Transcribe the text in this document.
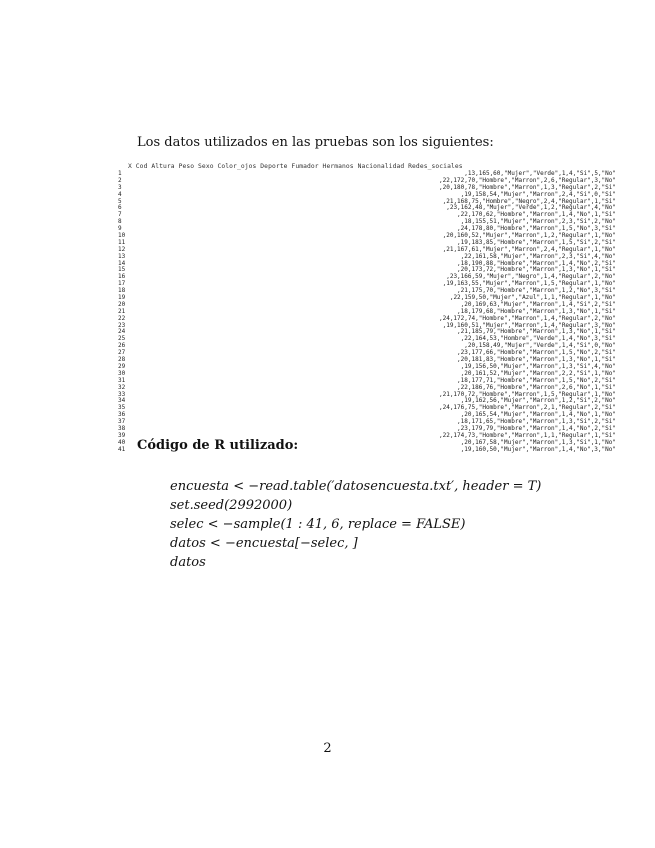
Los datos utilizados en las pruebas son los siguientes:
X Cod Altura Peso Sexo Color_ojos Deporte Fumador Hermanos Nacionalidad Redes_sociales
1
2
3
4
5
6
7
8
9
10
11
12
13
14
15
16
17
18
19
20
21
22
23
24
25
26
27
28
29
30
31
32
33
34
35
36
37
38
39
40
41
,13,165,60,"Mujer","Verde",1,4,"Si",5,"No"
,22,172,70,"Hombre","Marron",2,6,"Regular",3,"No"
,20,180,78,"Hombre","Marron",1,3,"Regular",2,"Si"
,19,158,54,"Mujer","Marron",2,4,"Si",0,"Si"
,21,168,75,"Hombre","Negro",2,4,"Regular",1,"Si"
,23,162,48,"Mujer","Verde",1,2,"Regular",4,"No"
,22,170,62,"Hombre","Marron",1,4,"No",1,"Si"
,18,155,51,"Mujer","Marron",2,3,"Si",2,"No"
,24,178,80,"Hombre","Marron",1,5,"No",3,"Si"
,20,160,52,"Mujer","Marron",1,2,"Regular",1,"No"
,19,183,85,"Hombre","Marron",1,5,"Si",2,"Si"
,21,167,61,"Mujer","Marron",2,4,"Regular",1,"No"
,22,161,58,"Mujer","Marron",2,3,"Si",4,"No"
,18,190,88,"Hombre","Marron",1,4,"No",2,"Si"
,20,173,72,"Hombre","Marron",1,3,"No",1,"Si"
,23,166,59,"Mujer","Negro",1,4,"Regular",2,"No"
,19,163,55,"Mujer","Marron",1,5,"Regular",1,"No"
,21,175,70,"Hombre","Marron",1,2,"No",3,"Si"
,22,159,50,"Mujer","Azul",1,1,"Regular",1,"No"
,20,169,63,"Mujer","Marron",1,4,"Si",2,"Si"
,18,179,68,"Hombre","Marron",1,3,"No",1,"Si"
,24,172,74,"Hombre","Marron",1,4,"Regular",2,"No"
,19,160,51,"Mujer","Marron",1,4,"Regular",3,"No"
,21,185,79,"Hombre","Marron",1,3,"No",1,"Si"
,22,164,53,"Hombre","Verde",1,4,"No",3,"Si"
,20,158,49,"Mujer","Verde",1,4,"Si",0,"No"
,23,177,66,"Hombre","Marron",1,5,"No",2,"Si"
,20,181,83,"Hombre","Marron",1,3,"No",1,"Si"
,19,156,50,"Mujer","Marron",1,3,"Si",4,"No"
,20,161,52,"Mujer","Marron",2,2,"Si",1,"No"
,18,177,71,"Hombre","Marron",1,5,"No",2,"Si"
,22,186,76,"Hombre","Marron",2,6,"No",1,"Si"
,21,170,72,"Hombre","Marron",1,5,"Regular",1,"No"
,19,162,56,"Mujer","Marron",1,2,"Si",2,"No"
,24,176,75,"Hombre","Marron",2,1,"Regular",2,"Si"
,20,165,54,"Mujer","Marron",1,4,"No",1,"No"
,18,171,65,"Hombre","Marron",1,3,"Si",2,"Si"
,23,179,79,"Hombre","Marron",1,4,"No",2,"Si"
,22,174,73,"Hombre","Marron",1,1,"Regular",1,"Si"
,20,167,58,"Mujer","Marron",1,3,"Si",1,"No"
,19,160,50,"Mujer","Marron",1,4,"No",3,"No"
Código de R utilizado:
encuesta < −read.table(′datosencuesta.txt′, header = T)
set.seed(2992000)
selec < −sample(1 : 41, 6, replace = FALSE)
datos < −encuesta[−selec, ]
datos
2
